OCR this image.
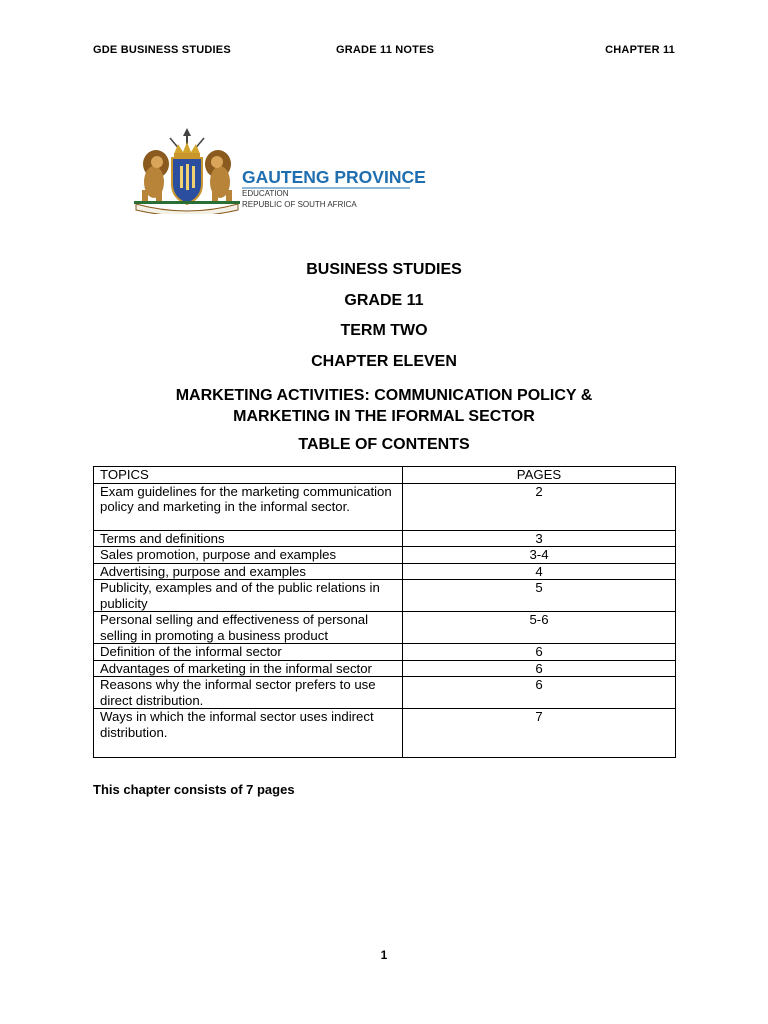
GDE BUSINESS STUDIES	GRADE 11 NOTES	CHAPTER 11
GAUTENG PROVINCE
EDUCATION
REPUBLIC OF SOUTH AFRICA
BUSINESS STUDIES
GRADE 11
TERM TWO
CHAPTER ELEVEN
MARKETING ACTIVITIES: COMMUNICATION POLICY &
MARKETING IN THE IFORMAL SECTOR
TABLE OF CONTENTS
TOPICS	PAGES
Exam guidelines for the marketing communication policy and marketing in the informal sector.	2
Terms and definitions	3
Sales promotion, purpose and examples	3-4
Advertising, purpose and examples	4
Publicity, examples and of the public relations in publicity	5
Personal selling and effectiveness of personal selling in promoting a business product	5-6
Definition of the informal sector	6
Advantages of marketing in the informal sector	6
Reasons why the informal sector prefers to use direct distribution.	6
Ways in which the informal sector uses indirect distribution.	7
This chapter consists of 7 pages
1
